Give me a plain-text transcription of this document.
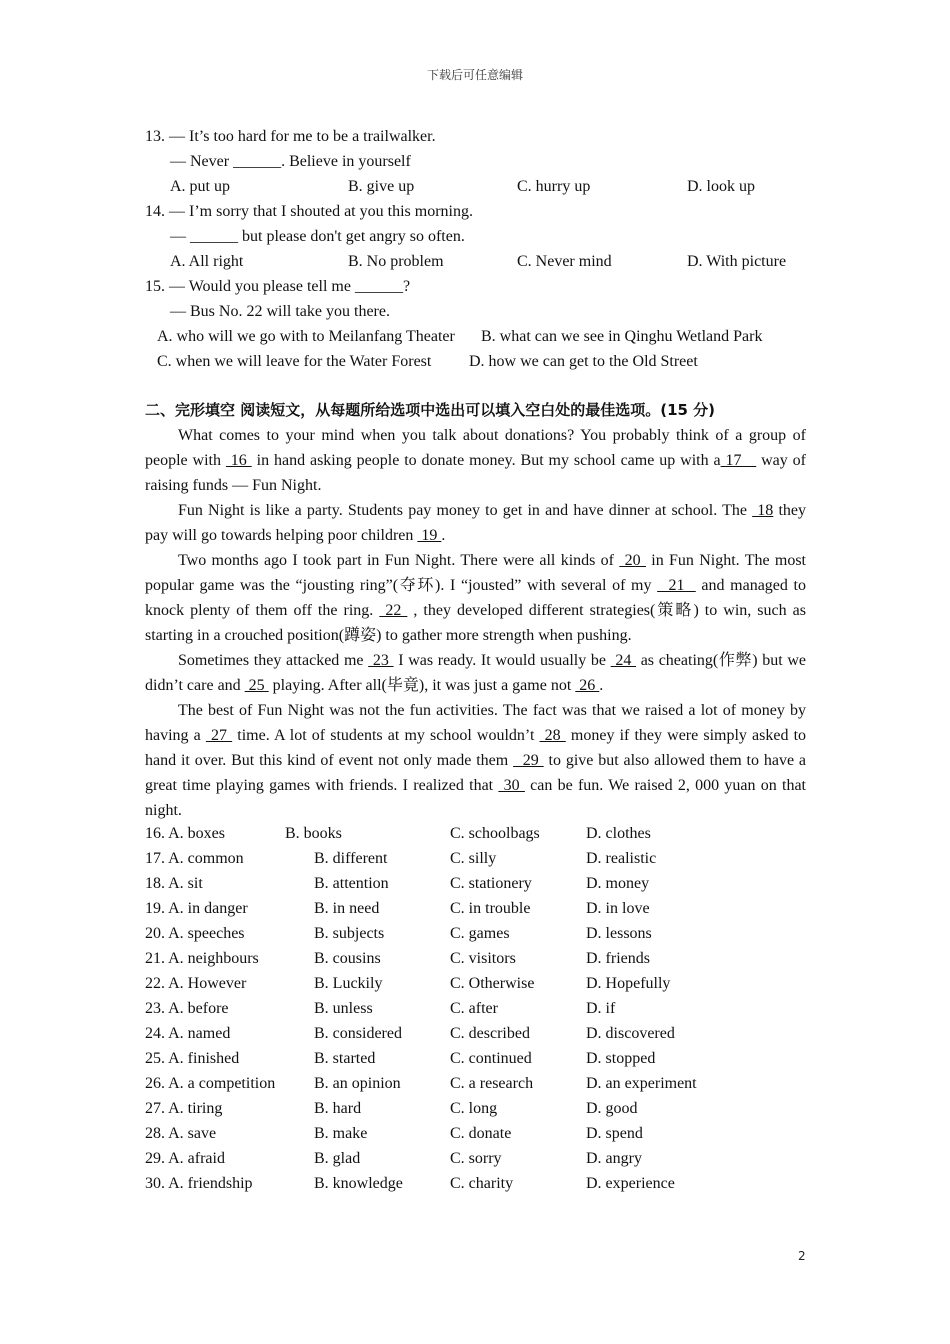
下载后可任意编辑
13. — It’s too hard for me to be a trailwalker.
— Never ______. Believe in yourself
A. put up	B. give up	C. hurry up	D. look up
14. — I’m sorry that I shouted at you this morning.
— ______ but please don't get angry so often.
A. All right	B. No problem	C. Never mind	D. With picture
15. — Would you please tell me ______?
— Bus No. 22 will take you there.
A. who will we go with to Meilanfang Theater B. what can we see in Qinghu Wetland Park
C. when we will leave for the Water Forest D. how we can get to the Old Street
二、完形填空 阅读短文，从每题所给选项中选出可以填入空白处的最佳选项。(15 分)

What comes to your mind when you talk about donations? You probably think of a group of people with  16  in hand asking people to donate money. But my school came up with a 17    way of raising funds — Fun Night.

Fun Night is like a party. Students pay money to get in and have dinner at school. The  18 they pay will go towards helping poor children  19 .

Two months ago I took part in Fun Night. There were all kinds of  20  in Fun Night. The most popular game was the “jousting ring”(夺环). I “jousted” with several of my   21   and managed to knock plenty of them off the ring.  22  , they developed different strategies(策略) to win, such as starting in a crouched position(蹲姿) to gather more strength when pushing.

Sometimes they attacked me  23  I was ready. It would usually be  24  as cheating(作弊) but we didn’t care and  25  playing. After all(毕竟), it was just a game not  26 .

The best of Fun Night was not the fun activities. The fact was that we raised a lot of money by having a  27  time. A lot of students at my school wouldn’t  28  money if they were simply asked to hand it over. But this kind of event not only made them   29  to give but also allowed them to have a great time playing games with friends. I realized that  30  can be fun. We raised 2, 000 yuan on that night.

16. A. boxes	B. books	C. schoolbags	D. clothes
17. A. common	B. different	C. silly	D. realistic
18. A. sit	B. attention	C. stationery	D. money
19. A. in danger	B. in need	C. in trouble	D. in love
20. A. speeches	B. subjects	C. games	D. lessons
21. A. neighbours	B. cousins	C. visitors	D. friends
22. A. However	B. Luckily	C. Otherwise	D. Hopefully
23. A. before	B. unless	C. after	D. if
24. A. named	B. considered	C. described	D. discovered
25. A. finished	B. started	C. continued	D. stopped
26. A. a competition B. an opinion	C. a research	D. an experiment
27. A. tiring	B. hard	C. long	D. good
28. A. save	B. make	C. donate	D. spend
29. A. afraid	B. glad	C. sorry	D. angry
30. A. friendship	B. knowledge	C. charity	D. experience
2
